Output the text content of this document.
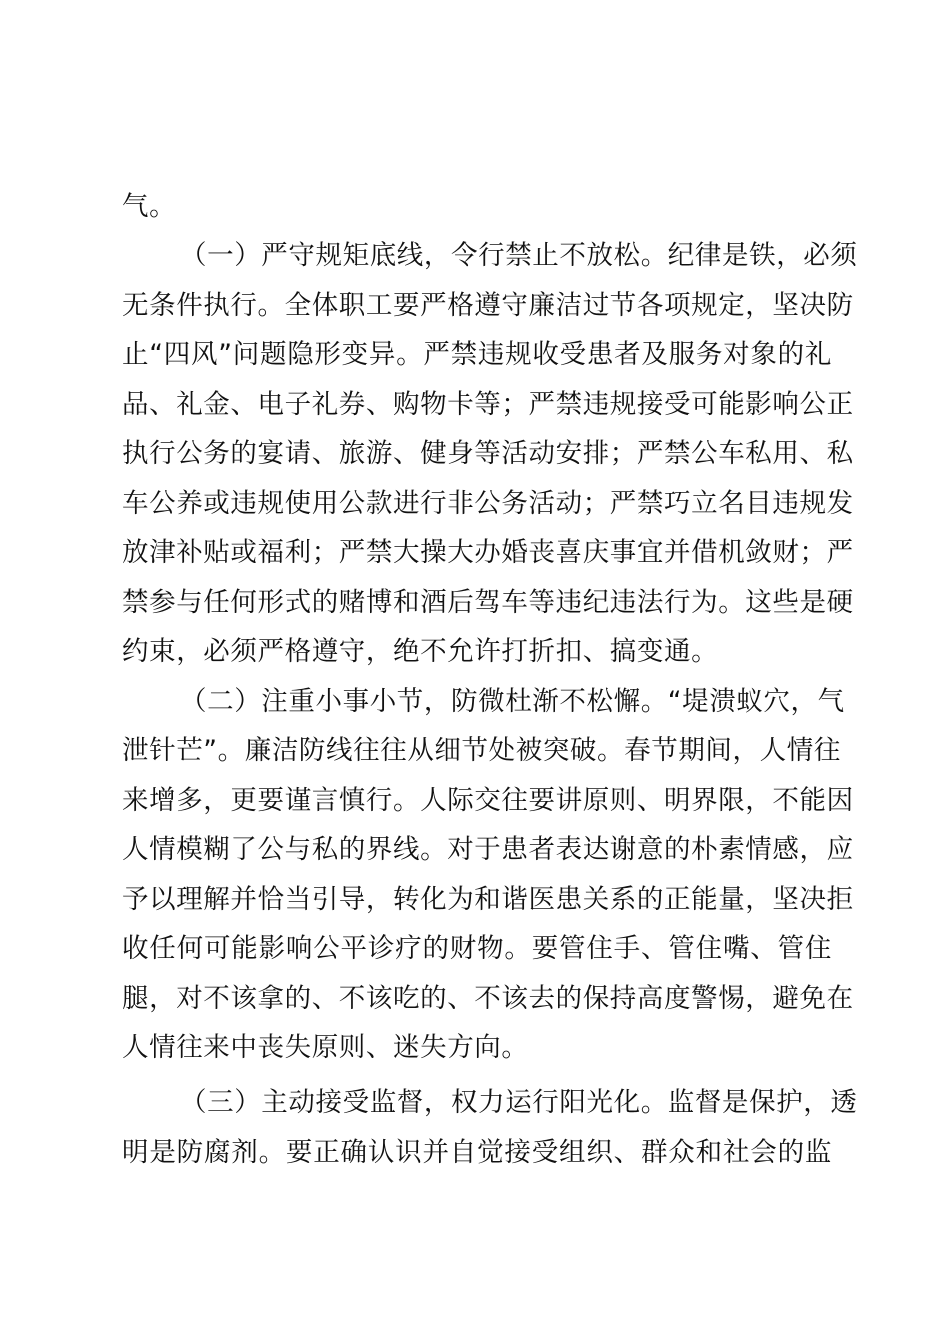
气。
（一）严守规矩底线，令行禁止不放松。纪律是铁，必须
无条件执行。全体职工要严格遵守廉洁过节各项规定，坚决防
止“四风”问题隐形变异。严禁违规收受患者及服务对象的礼
品、礼金、电子礼券、购物卡等；严禁违规接受可能影响公正
执行公务的宴请、旅游、健身等活动安排；严禁公车私用、私
车公养或违规使用公款进行非公务活动；严禁巧立名目违规发
放津补贴或福利；严禁大操大办婚丧喜庆事宜并借机敛财；严
禁参与任何形式的赌博和酒后驾车等违纪违法行为。这些是硬
约束，必须严格遵守，绝不允许打折扣、搞变通。
（二）注重小事小节，防微杜渐不松懈。“堤溃蚁穴，气
泄针芒”。廉洁防线往往从细节处被突破。春节期间，人情往
来增多，更要谨言慎行。人际交往要讲原则、明界限，不能因
人情模糊了公与私的界线。对于患者表达谢意的朴素情感，应
予以理解并恰当引导，转化为和谐医患关系的正能量，坚决拒
收任何可能影响公平诊疗的财物。要管住手、管住嘴、管住
腿，对不该拿的、不该吃的、不该去的保持高度警惕，避免在
人情往来中丧失原则、迷失方向。
（三）主动接受监督，权力运行阳光化。监督是保护，透
明是防腐剂。要正确认识并自觉接受组织、群众和社会的监
